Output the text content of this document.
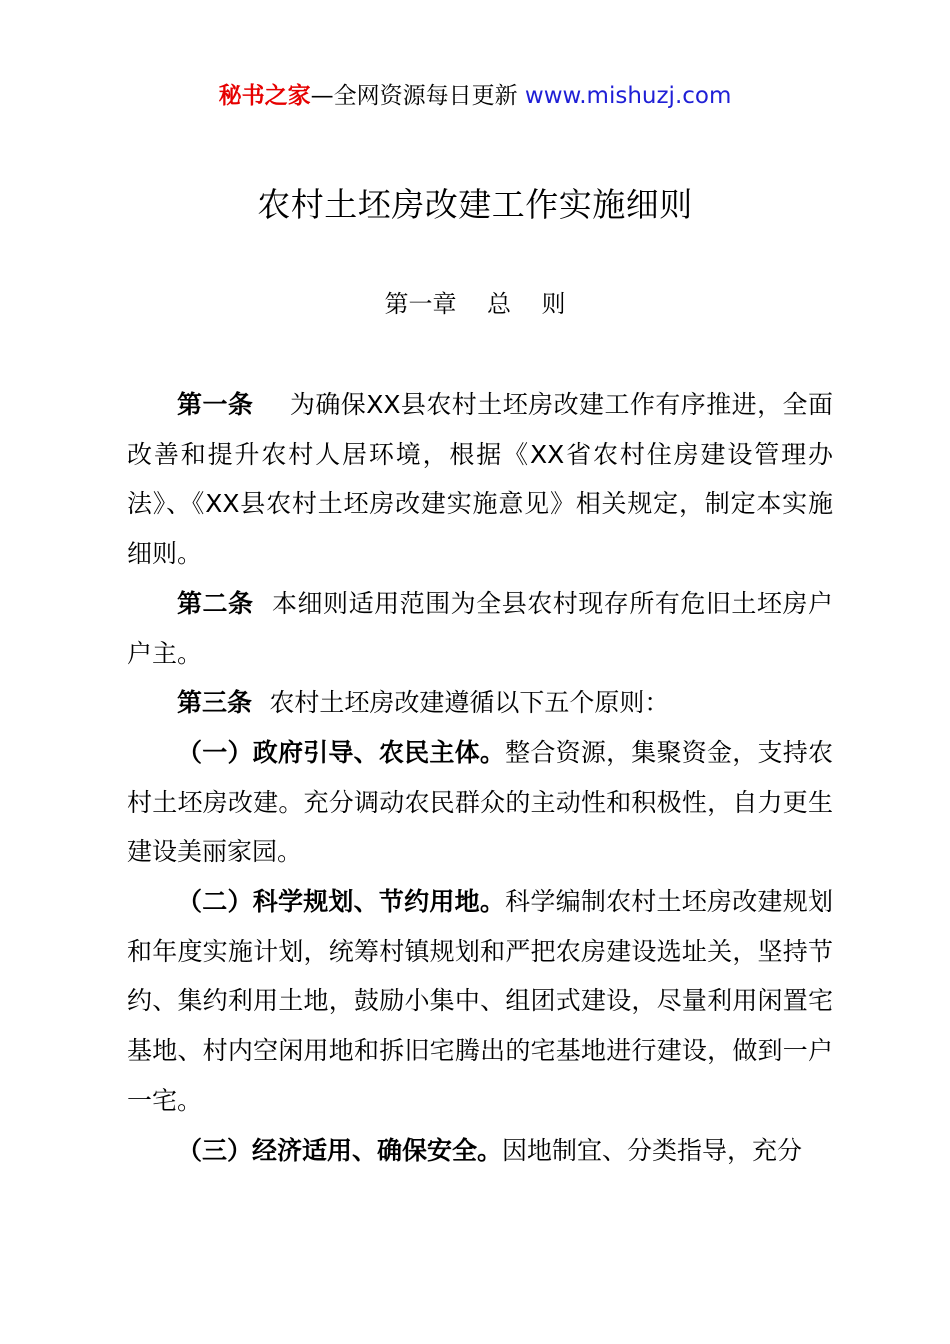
秘书之家—全网资源每日更新 www.mishuzj.com
农村土坯房改建工作实施细则
第一章    总    则

第一条    为确保XX县农村土坯房改建工作有序推进，全面改善和提升农村人居环境，根据《XX省农村住房建设管理办法》、《XX县农村土坯房改建实施意见》相关规定，制定本实施细则。

第二条  本细则适用范围为全县农村现存所有危旧土坯房户户主。

第三条  农村土坯房改建遵循以下五个原则：

（一）政府引导、农民主体。整合资源，集聚资金，支持农村土坯房改建。充分调动农民群众的主动性和积极性，自力更生建设美丽家园。

（二）科学规划、节约用地。科学编制农村土坯房改建规划和年度实施计划，统筹村镇规划和严把农房建设选址关，坚持节约、集约利用土地，鼓励小集中、组团式建设，尽量利用闲置宅基地、村内空闲用地和拆旧宅腾出的宅基地进行建设，做到一户一宅。

（三）经济适用、确保安全。因地制宜、分类指导，充分
